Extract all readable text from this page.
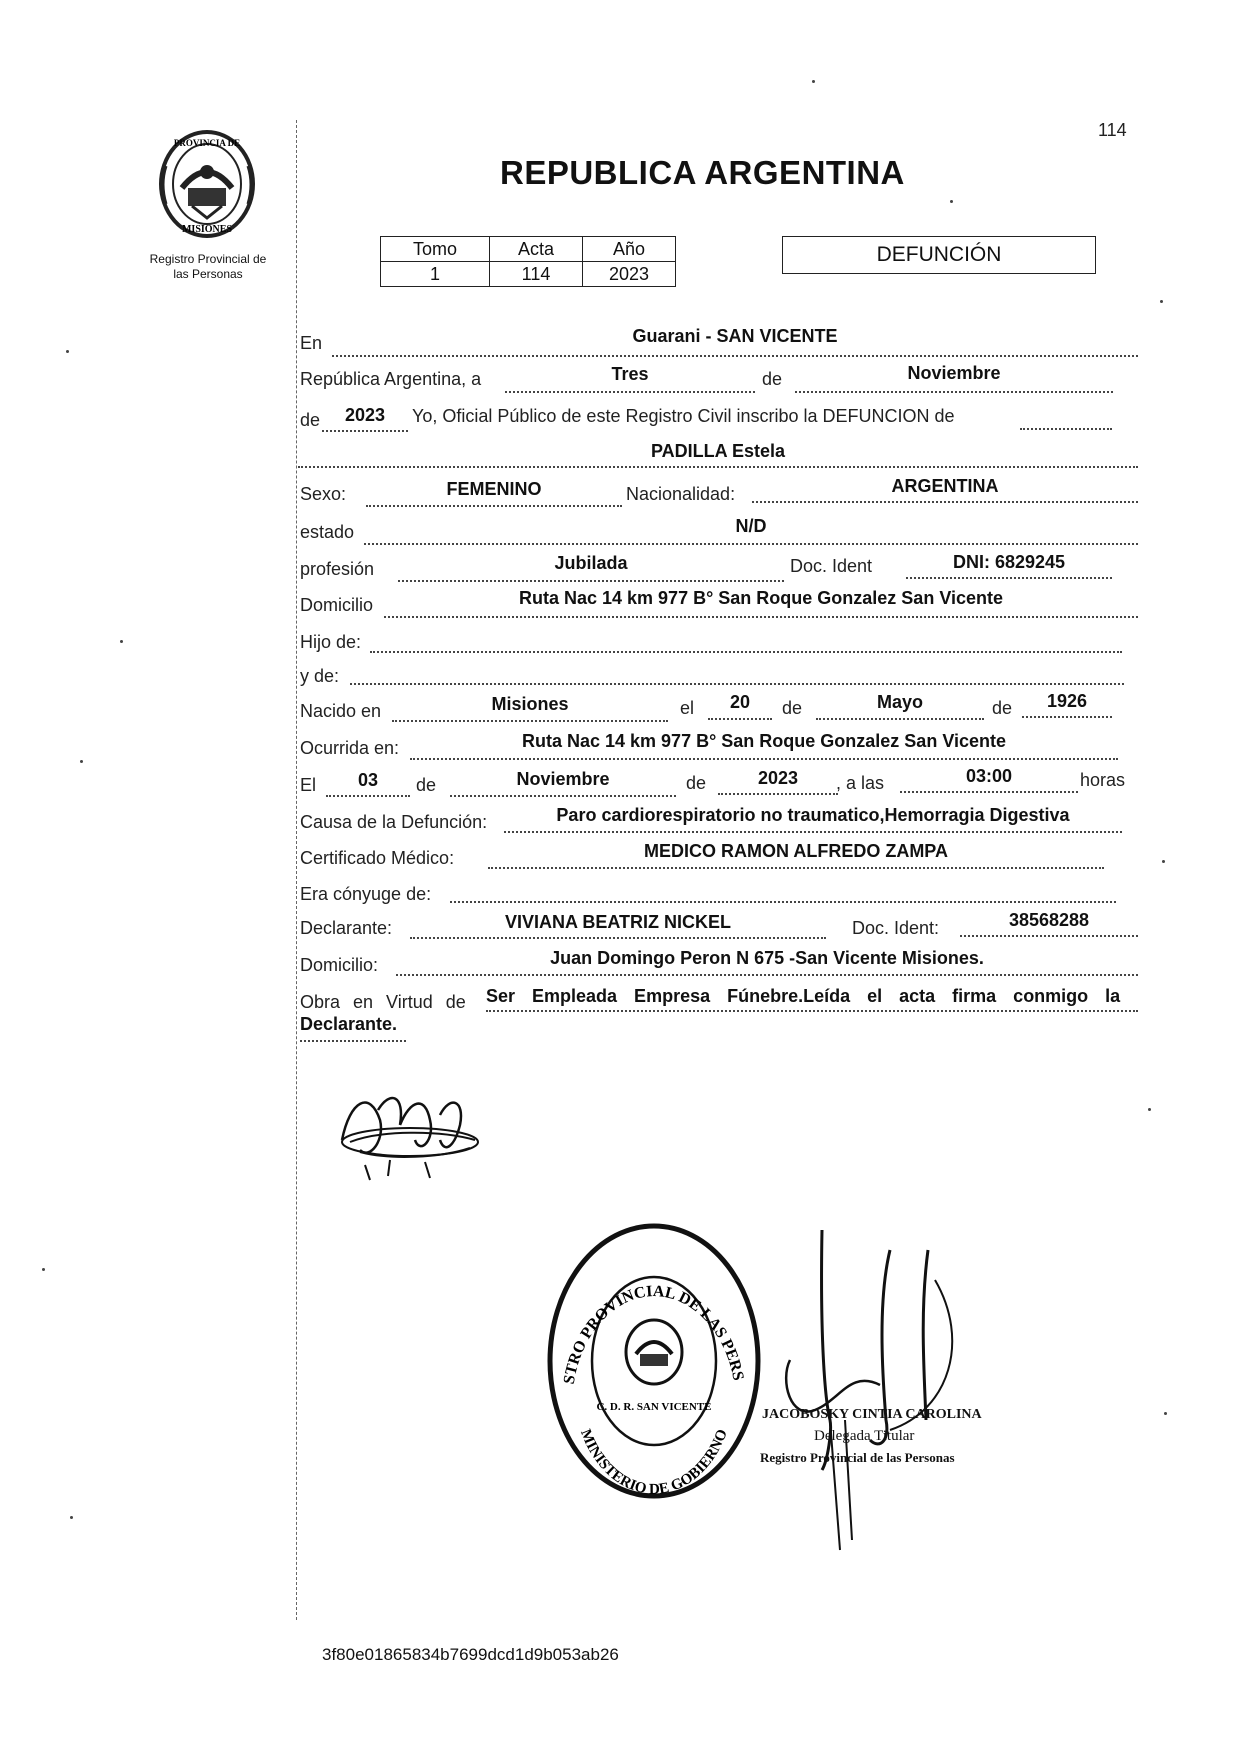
114
PROVINCIA DE
MISIONES
Registro Provincial de
las Personas
REPUBLICA ARGENTINA
Tomo	Acta	Año
1	114	2023
DEFUNCIÓN
En	Guarani - SAN VICENTE
República Argentina, a	Tres	de	Noviembre
de	2023	Yo, Oficial Público de este Registro Civil inscribo la DEFUNCION de
PADILLA Estela
Sexo:	FEMENINO	Nacionalidad:	ARGENTINA
estado	N/D
profesión	Jubilada	Doc. Ident	DNI: 6829245
Domicilio	Ruta Nac 14 km 977 B° San Roque Gonzalez San Vicente
Hijo de:
y de:
Nacido en	Misiones	el	20	de	Mayo	de	1926
Ocurrida en:	Ruta Nac 14 km 977 B° San Roque Gonzalez San Vicente
El	03	de	Noviembre	de	2023	, a las	03:00	horas
Causa de la Defunción:	Paro cardiorespiratorio no traumatico,Hemorragia Digestiva
Certificado Médico:	MEDICO RAMON ALFREDO ZAMPA
Era cónyuge de:
Declarante:	VIVIANA BEATRIZ NICKEL	Doc. Ident:	38568288
Domicilio:	Juan Domingo Peron N 675 -San Vicente Misiones.
Obra en Virtud de Ser Empleada Empresa Fúnebre.Leída el acta firma conmigo la
Declarante.
STRO PROVINCIAL DE LAS PERS
MINISTERIO DE GOBIERNO
C. D. R. SAN VICENTE	JACOBOSKY CINTIA CAROLINA
Delegada Titular
Registro Provincial de las Personas
3f80e01865834b7699dcd1d9b053ab26
